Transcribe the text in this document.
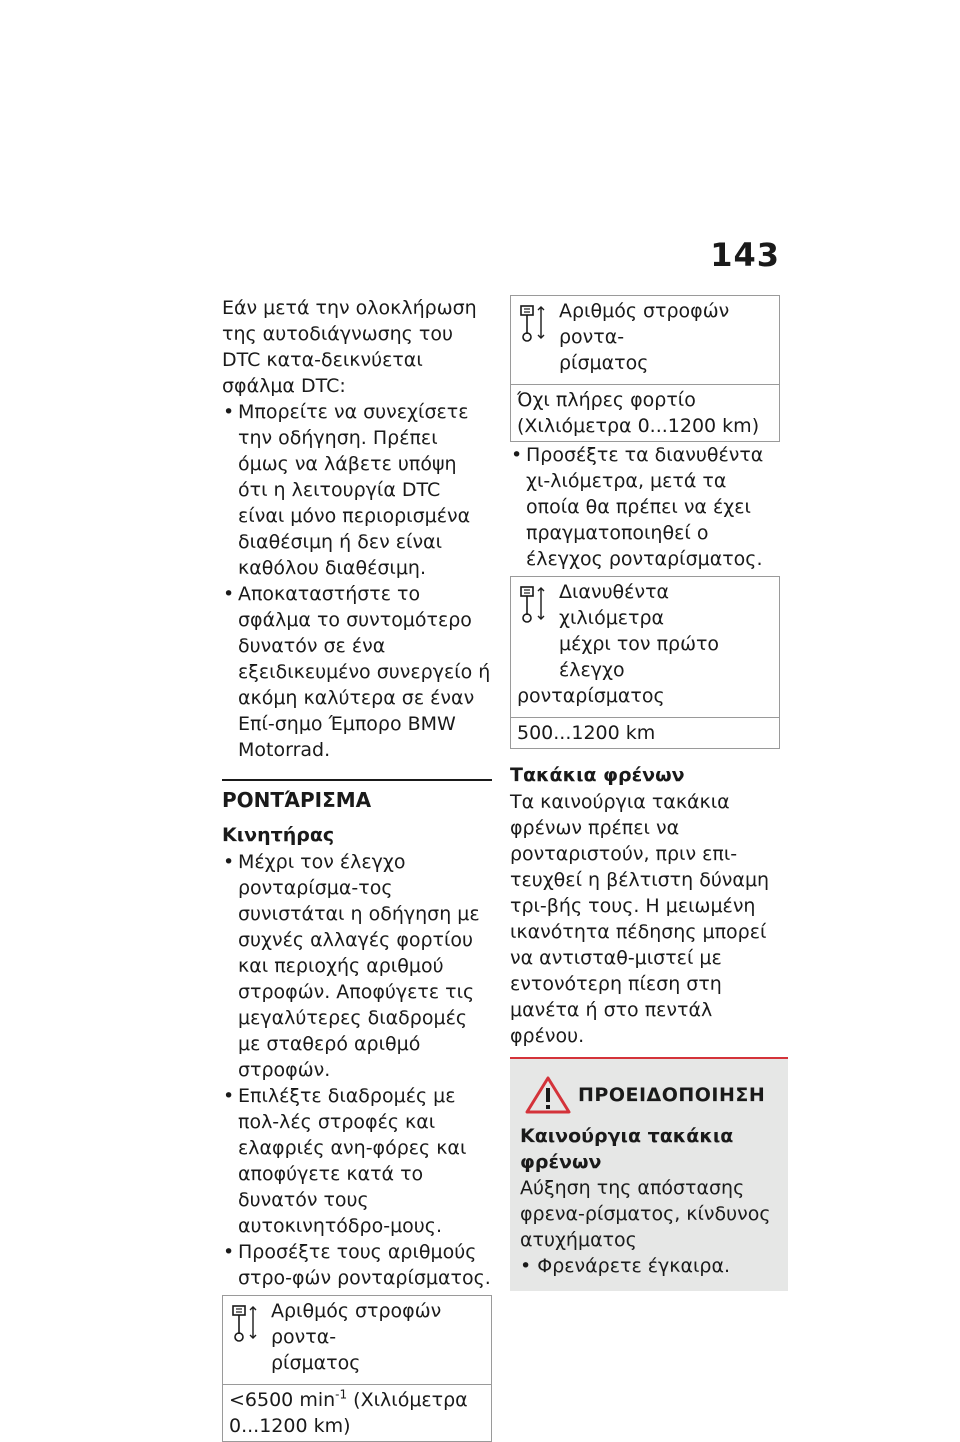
143

Εάν μετά την ολοκλήρωση της αυτοδιάγνωσης του DTC κατα-δεικνύεται σφάλμα DTC:

• Μπορείτε να συνεχίσετε την οδήγηση. Πρέπει όμως να λάβετε υπόψη ότι η λειτουργία DTC είναι μόνο περιορισμένα διαθέσιμη ή δεν είναι καθόλου διαθέσιμη.

• Αποκαταστήστε το σφάλμα το συντομότερο δυνατόν σε ένα εξειδικευμένο συνεργείο ή ακόμη καλύτερα σε έναν Επί-σημο Έμπορο BMW Motorrad.

ΡΟΝΤΆΡΙΣΜΑ
Κινητήρας

• Μέχρι τον έλεγχο ρονταρίσμα-τος συνιστάται η οδήγηση με συχνές αλλαγές φορτίου και περιοχής αριθμού στροφών. Αποφύγετε τις μεγαλύτερες διαδρομές με σταθερό αριθμό στροφών.

• Επιλέξτε διαδρομές με πολ-λές στροφές και ελαφριές ανη-φόρες και αποφύγετε κατά το δυνατόν τους αυτοκινητόδρο-μους.

• Προσέξτε τους αριθμούς στρο-φών ρονταρίσματος.

Αριθμός στροφών ροντα-
ρίσματος
<6500 $\min^{-1} (X\iota\lambda\iota ό\mu\varepsilon\tau\rho\alpha$
0...1200 km)
Αριθμός στροφών ροντα-
ρίσματος
Όχι πλήρες φορτίο (Χιλιόμετρα 0...1200 km)

• Προσέξτε τα διανυθέντα χι-λιόμετρα, μετά τα οποία θα πρέπει να έχει πραγματοποιηθεί ο έλεγχος ρονταρίσματος.

Διανυθέντα χιλιόμετρα
μέχρι τον πρώτο έλεγχο
ρονταρίσματος
500...1200 km
Τακάκια φρένων

Τα καινούργια τακάκια φρένων πρέπει να ρονταριστούν, πριν επι-τευχθεί η βέλτιστη δύναμη τρι-βής τους. Η μειωμένη ικανότητα πέδησης μπορεί να αντισταθ-μιστεί με εντονότερη πίεση στη μανέτα ή στο πεντάλ φρένου.

ΠΡΟΕΙΔΟΠΟΙΗΣΗ
Καινούργια τακάκια φρένων

Αύξηση της απόστασης φρενα-ρίσματος, κίνδυνος ατυχήματος

• Φρενάρετε έγκαιρα.
